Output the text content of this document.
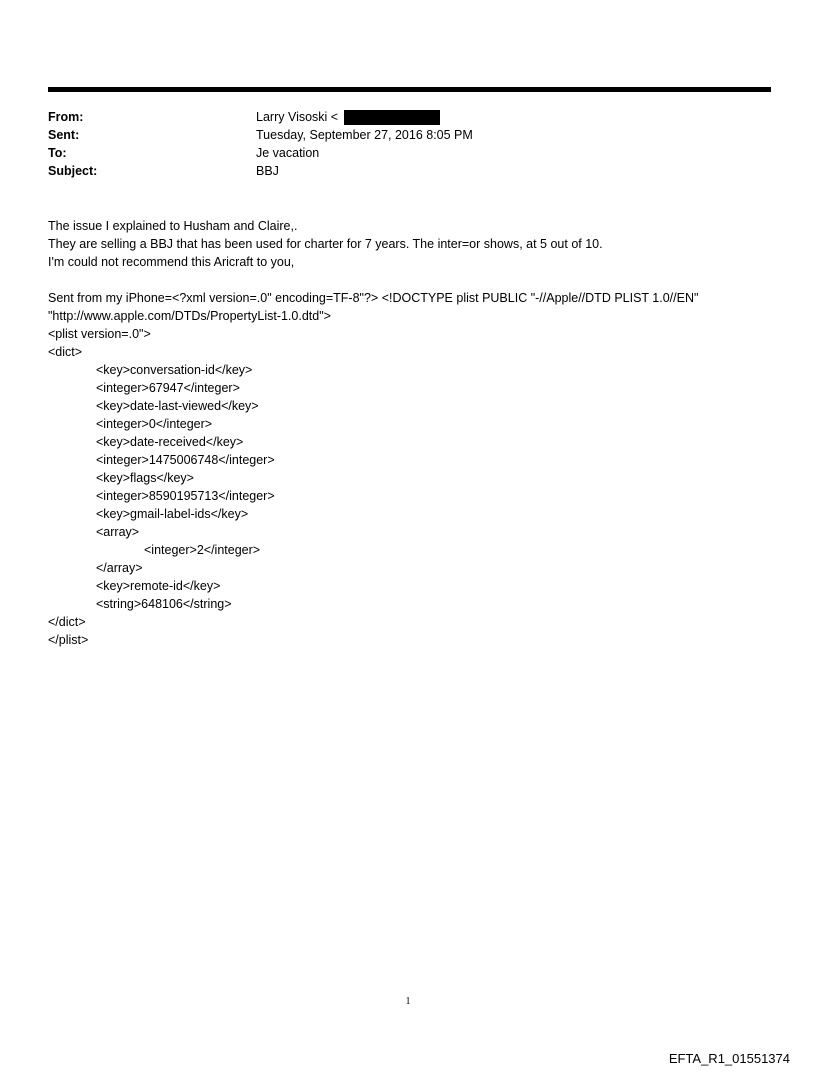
From:	Larry Visoski <
Sent:	Tuesday, September 27, 2016 8:05 PM
To:	Je vacation
Subject:	BBJ
The issue I explained to Husham and Claire,.
They are selling a BBJ that has been used for charter for 7 years. The inter=or shows, at 5 out of 10.
I'm could not recommend this Aricraft to you,
Sent from my iPhone=<?xml version=.0" encoding=TF-8"?> <!DOCTYPE plist PUBLIC "-//Apple//DTD PLIST 1.0//EN"
"http://www.apple.com/DTDs/PropertyList-1.0.dtd">
<plist version=.0">
<dict>
<key>conversation-id</key>
<integer>67947</integer>
<key>date-last-viewed</key>
<integer>0</integer>
<key>date-received</key>
<integer>1475006748</integer>
<key>flags</key>
<integer>8590195713</integer>
<key>gmail-label-ids</key>
<array>
<integer>2</integer>
</array>
<key>remote-id</key>
<string>648106</string>
</dict>
</plist>
1
EFTA_R1_01551374
